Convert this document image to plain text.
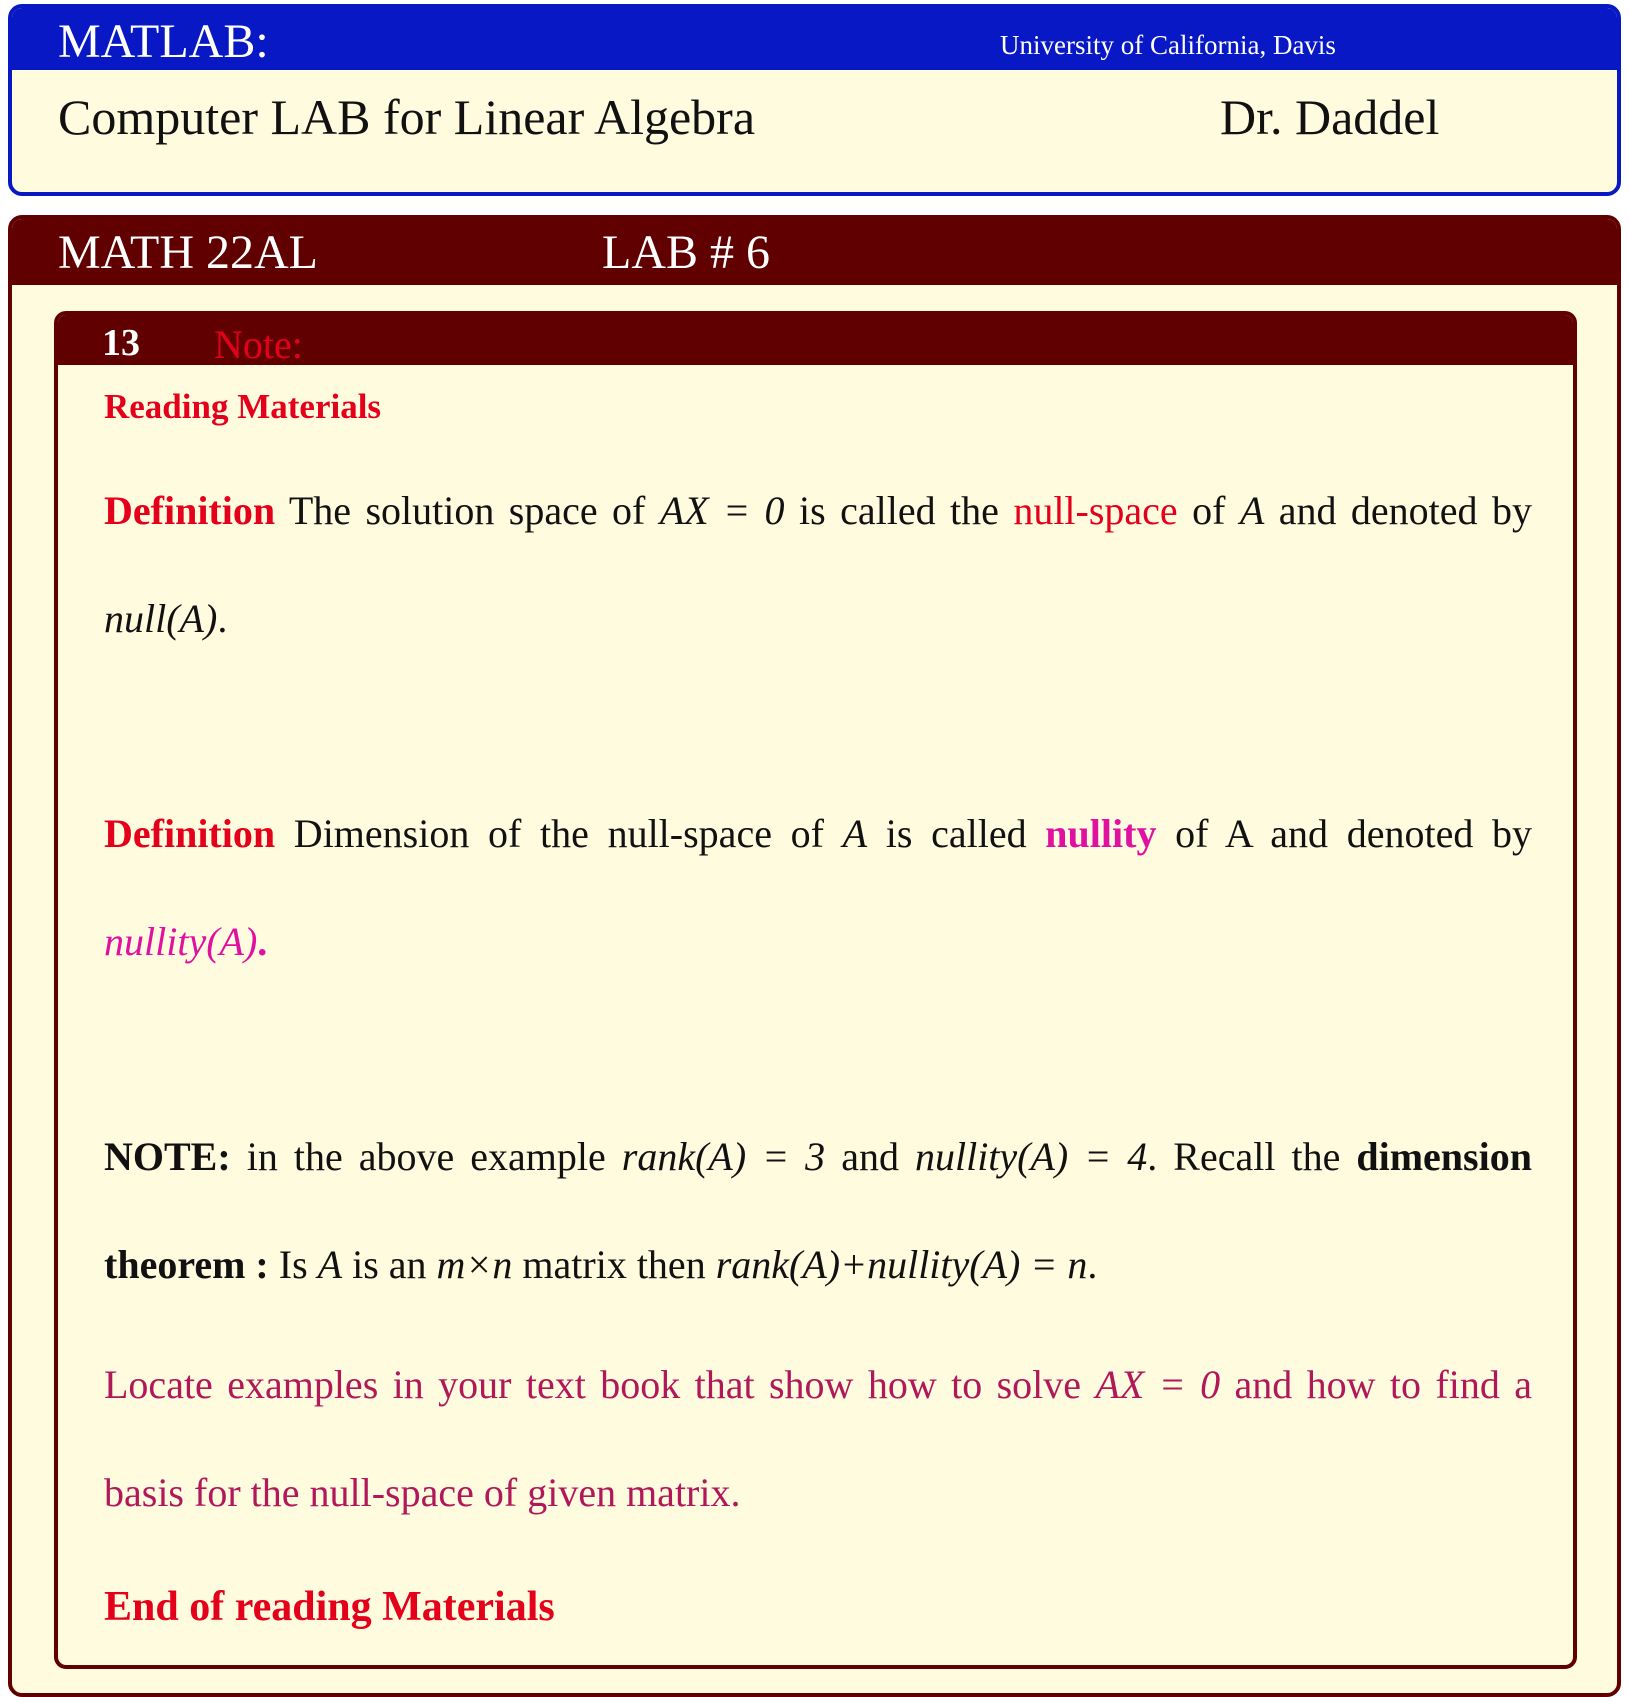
MATLAB:	University of California, Davis
Computer LAB for Linear Algebra	Dr. Daddel
MATH 22AL	LAB # 6
13 Note:
Reading Materials

Definition The solution space of AX = 0 is called the null-space of A and denoted by null(A).

Definition Dimension of the null-space of A is called nullity of A and denoted by nullity(A).

NOTE: in the above example rank(A) = 3 and nullity(A) = 4. Recall the dimension theorem : Is A is an m×n matrix then rank(A)+nullity(A) = n.

Locate examples in your text book that show how to solve AX = 0 and how to find a basis for the null-space of given matrix.

End of reading Materials
